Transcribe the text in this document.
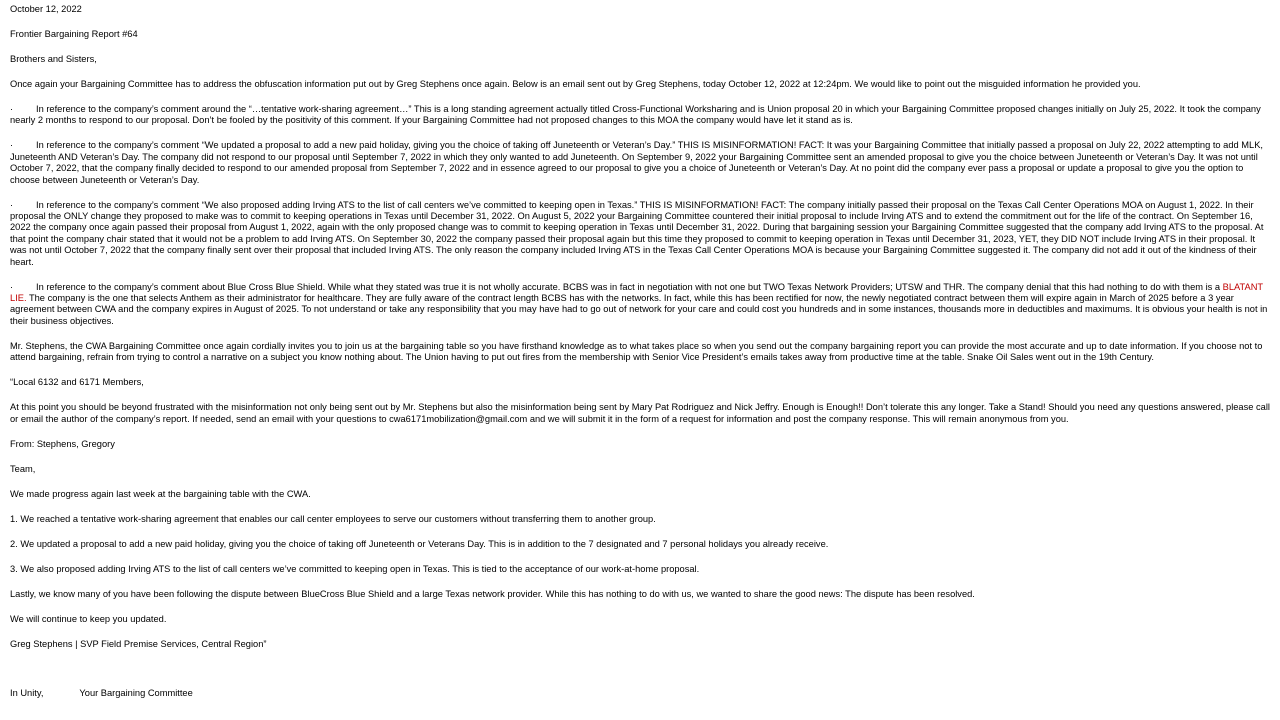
October 12, 2022

Frontier Bargaining Report #64

Brothers and Sisters,

Once again your Bargaining Committee has to address the obfuscation information put out by Greg Stephens once again. Below is an email sent out by Greg Stephens, today October 12, 2022 at 12:24pm. We would like to point out the misguided information he provided you.

· In reference to the company’s comment around the “…tentative work-sharing agreement…” This is a long standing agreement actually titled Cross-Functional Worksharing and is Union proposal 20 in which your Bargaining Committee proposed changes initially on July 25, 2022. It took the company nearly 2 months to respond to our proposal. Don’t be fooled by the positivity of this comment. If your Bargaining Committee had not proposed changes to this MOA the company would have let it stand as is.

· In reference to the company’s comment “We updated a proposal to add a new paid holiday, giving you the choice of taking off Juneteenth or Veteran’s Day.” THIS IS MISINFORMATION! FACT: It was your Bargaining Committee that initially passed a proposal on July 22, 2022 attempting to add MLK, Juneteenth AND Veteran’s Day. The company did not respond to our proposal until September 7, 2022 in which they only wanted to add Juneteenth. On September 9, 2022 your Bargaining Committee sent an amended proposal to give you the choice between Juneteenth or Veteran’s Day. It was not until October 7, 2022, that the company finally decided to respond to our amended proposal from September 7, 2022 and in essence agreed to our proposal to give you a choice of Juneteenth or Veteran’s Day. At no point did the company ever pass a proposal or update a proposal to give you the option to choose between Juneteenth or Veteran’s Day.

· In reference to the company’s comment “We also proposed adding Irving ATS to the list of call centers we’ve committed to keeping open in Texas.” THIS IS MISINFORMATION! FACT: The company initially passed their proposal on the Texas Call Center Operations MOA on August 1, 2022. In their proposal the ONLY change they proposed to make was to commit to keeping operations in Texas until December 31, 2022. On August 5, 2022 your Bargaining Committee countered their initial proposal to include Irving ATS and to extend the commitment out for the life of the contract. On September 16, 2022 the company once again passed their proposal from August 1, 2022, again with the only proposed change was to commit to keeping operation in Texas until December 31, 2022. During that bargaining session your Bargaining Committee suggested that the company add Irving ATS to the proposal. At that point the company chair stated that it would not be a problem to add Irving ATS. On September 30, 2022 the company passed their proposal again but this time they proposed to commit to keeping operation in Texas until December 31, 2023, YET, they DID NOT include Irving ATS in their proposal. It was not until October 7, 2022 that the company finally sent over their proposal that included Irving ATS. The only reason the company included Irving ATS in the Texas Call Center Operations MOA is because your Bargaining Committee suggested it. The company did not add it out of the kindness of their heart.

· In reference to the company’s comment about Blue Cross Blue Shield. While what they stated was true it is not wholly accurate. BCBS was in fact in negotiation with not one but TWO Texas Network Providers; UTSW and THR. The company denial that this had nothing to do with them is a BLATANT LIE. The company is the one that selects Anthem as their administrator for healthcare. They are fully aware of the contract length BCBS has with the networks. In fact, while this has been rectified for now, the newly negotiated contract between them will expire again in March of 2025 before a 3 year agreement between CWA and the company expires in August of 2025. To not understand or take any responsibility that you may have had to go out of network for your care and could cost you hundreds and in some instances, thousands more in deductibles and maximums. It is obvious your health is not in their business objectives.

Mr. Stephens, the CWA Bargaining Committee once again cordially invites you to join us at the bargaining table so you have firsthand knowledge as to what takes place so when you send out the company bargaining report you can provide the most accurate and up to date information. If you choose not to attend bargaining, refrain from trying to control a narrative on a subject you know nothing about. The Union having to put out fires from the membership with Senior Vice President’s emails takes away from productive time at the table. Snake Oil Sales went out in the 19th Century.

“Local 6132 and 6171 Members,

At this point you should be beyond frustrated with the misinformation not only being sent out by Mr. Stephens but also the misinformation being sent by Mary Pat Rodriguez and Nick Jeffry. Enough is Enough!! Don’t tolerate this any longer. Take a Stand! Should you need any questions answered, please call or email the author of the company’s report. If needed, send an email with your questions to cwa6171mobilization@gmail.com and we will submit it in the form of a request for information and post the company response. This will remain anonymous from you.

From: Stephens, Gregory

Team,

We made progress again last week at the bargaining table with the CWA.

1. We reached a tentative work-sharing agreement that enables our call center employees to serve our customers without transferring them to another group.

2. We updated a proposal to add a new paid holiday, giving you the choice of taking off Juneteenth or Veterans Day. This is in addition to the 7 designated and 7 personal holidays you already receive.

3. We also proposed adding Irving ATS to the list of call centers we’ve committed to keeping open in Texas. This is tied to the acceptance of our work-at-home proposal.

Lastly, we know many of you have been following the dispute between BlueCross Blue Shield and a large Texas network provider. While this has nothing to do with us, we wanted to share the good news: The dispute has been resolved.

We will continue to keep you updated.

Greg Stephens | SVP Field Premise Services, Central Region”

In Unity,	Your Bargaining Committee
